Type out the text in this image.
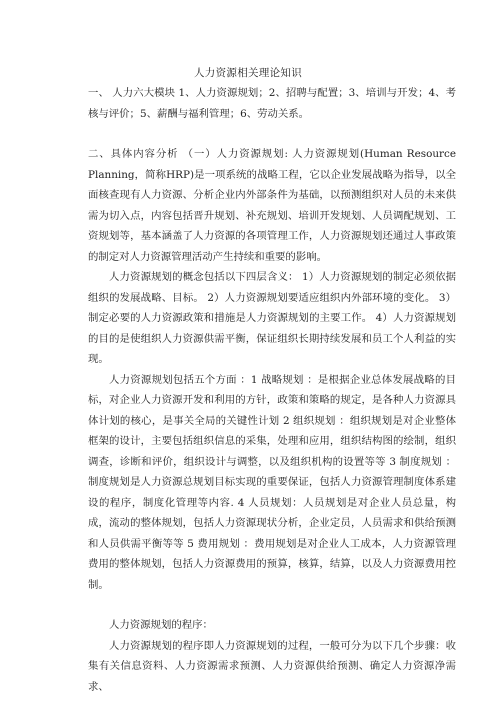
人力资源相关理论知识

一、 人力六大模块 1、人力资源规划；2、招聘与配置；3、培训与开发；4、考核与评价；5、薪酬与福利管理；6、劳动关系。

二、具体内容分析 （一）人力资源规划: 人力资源规划(Human Resource Planning，简称HRP)是一项系统的战略工程，它以企业发展战略为指导，以全面核查现有人力资源、分析企业内外部条件为基础，以预测组织对人员的未来供需为切入点，内容包括晋升规划、补充规划、培训开发规划、人员调配规划、工资规划等，基本涵盖了人力资源的各项管理工作，人力资源规划还通过人事政策的制定对人力资源管理活动产生持续和重要的影响。

人力资源规划的概念包括以下四层含义： 1）人力资源规划的制定必须依据组织的发展战略、目标。 2）人力资源规划要适应组织内外部环境的变化。 3）制定必要的人力资源政策和措施是人力资源规划的主要工作。 4）人力资源规划的目的是使组织人力资源供需平衡，保证组织长期持续发展和员工个人利益的实现。

人力资源规划包括五个方面 ：1 战略规划 ：是根据企业总体发展战略的目标，对企业人力资源开发和利用的方针，政策和策略的规定，是各种人力资源具体计划的核心，是事关全局的关键性计划 2 组织规划 ：组织规划是对企业整体框架的设计，主要包括组织信息的采集，处理和应用，组织结构图的绘制，组织调查，诊断和评价，组织设计与调整，以及组织机构的设置等等 3 制度规划 ：制度规划是人力资源总规划目标实现的重要保证，包括人力资源管理制度体系建设的程序，制度化管理等内容. 4 人员规划：人员规划是对企业人员总量，构成，流动的整体规划，包括人力资源现状分析，企业定员，人员需求和供给预测和人员供需平衡等等 5 费用规划 ：费用规划是对企业人工成本，人力资源管理费用的整体规划，包括人力资源费用的预算，核算，结算，以及人力资源费用控制。

人力资源规划的程序：

人力资源规划的程序即人力资源规划的过程，一般可分为以下几个步骤：收集有关信息资料、人力资源需求预测、人力资源供给预测、确定人力资源净需求、
